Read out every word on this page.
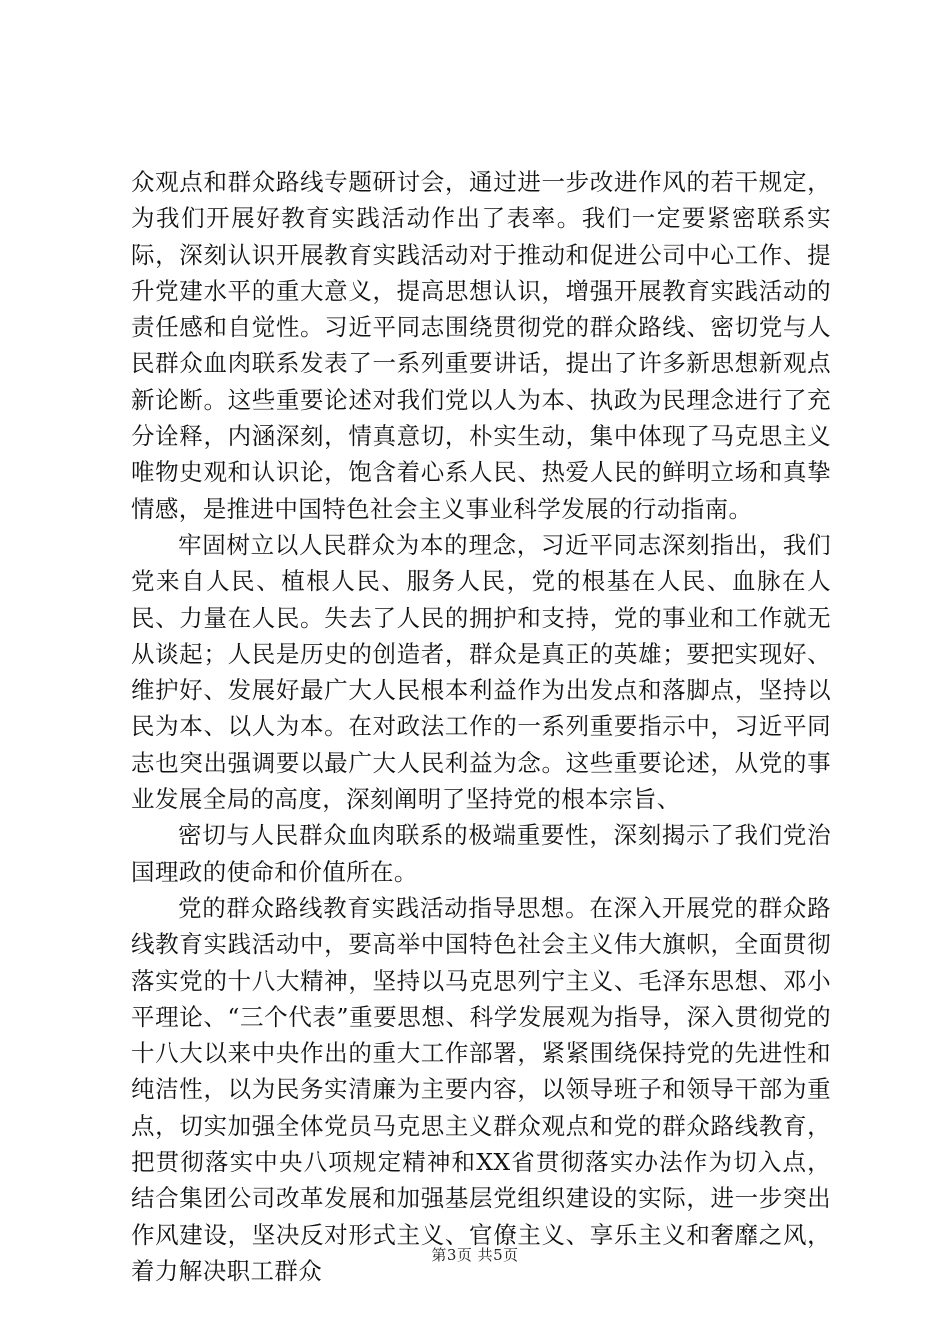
众观点和群众路线专题研讨会，通过进一步改进作风的若干规定，为我们开展好教育实践活动作出了表率。我们一定要紧密联系实际，深刻认识开展教育实践活动对于推动和促进公司中心工作、提升党建水平的重大意义，提高思想认识，增强开展教育实践活动的责任感和自觉性。习近平同志围绕贯彻党的群众路线、密切党与人民群众血肉联系发表了一系列重要讲话，提出了许多新思想新观点新论断。这些重要论述对我们党以人为本、执政为民理念进行了充分诠释，内涵深刻，情真意切，朴实生动，集中体现了马克思主义唯物史观和认识论，饱含着心系人民、热爱人民的鲜明立场和真挚情感，是推进中国特色社会主义事业科学发展的行动指南。

牢固树立以人民群众为本的理念，习近平同志深刻指出，我们党来自人民、植根人民、服务人民，党的根基在人民、血脉在人民、力量在人民。失去了人民的拥护和支持，党的事业和工作就无从谈起；人民是历史的创造者，群众是真正的英雄；要把实现好、维护好、发展好最广大人民根本利益作为出发点和落脚点，坚持以民为本、以人为本。在对政法工作的一系列重要指示中，习近平同志也突出强调要以最广大人民利益为念。这些重要论述，从党的事业发展全局的高度，深刻阐明了坚持党的根本宗旨、

密切与人民群众血肉联系的极端重要性，深刻揭示了我们党治国理政的使命和价值所在。

党的群众路线教育实践活动指导思想。在深入开展党的群众路线教育实践活动中，要高举中国特色社会主义伟大旗帜，全面贯彻落实党的十八大精神，坚持以马克思列宁主义、毛泽东思想、邓小平理论、“三个代表”重要思想、科学发展观为指导，深入贯彻党的十八大以来中央作出的重大工作部署，紧紧围绕保持党的先进性和纯洁性，以为民务实清廉为主要内容，以领导班子和领导干部为重点，切实加强全体党员马克思主义群众观点和党的群众路线教育，把贯彻落实中央八项规定精神和XX省贯彻落实办法作为切入点，结合集团公司改革发展和加强基层党组织建设的实际，进一步突出作风建设，坚决反对形式主义、官僚主义、享乐主义和奢靡之风，着力解决职工群众

第3页 共5页
